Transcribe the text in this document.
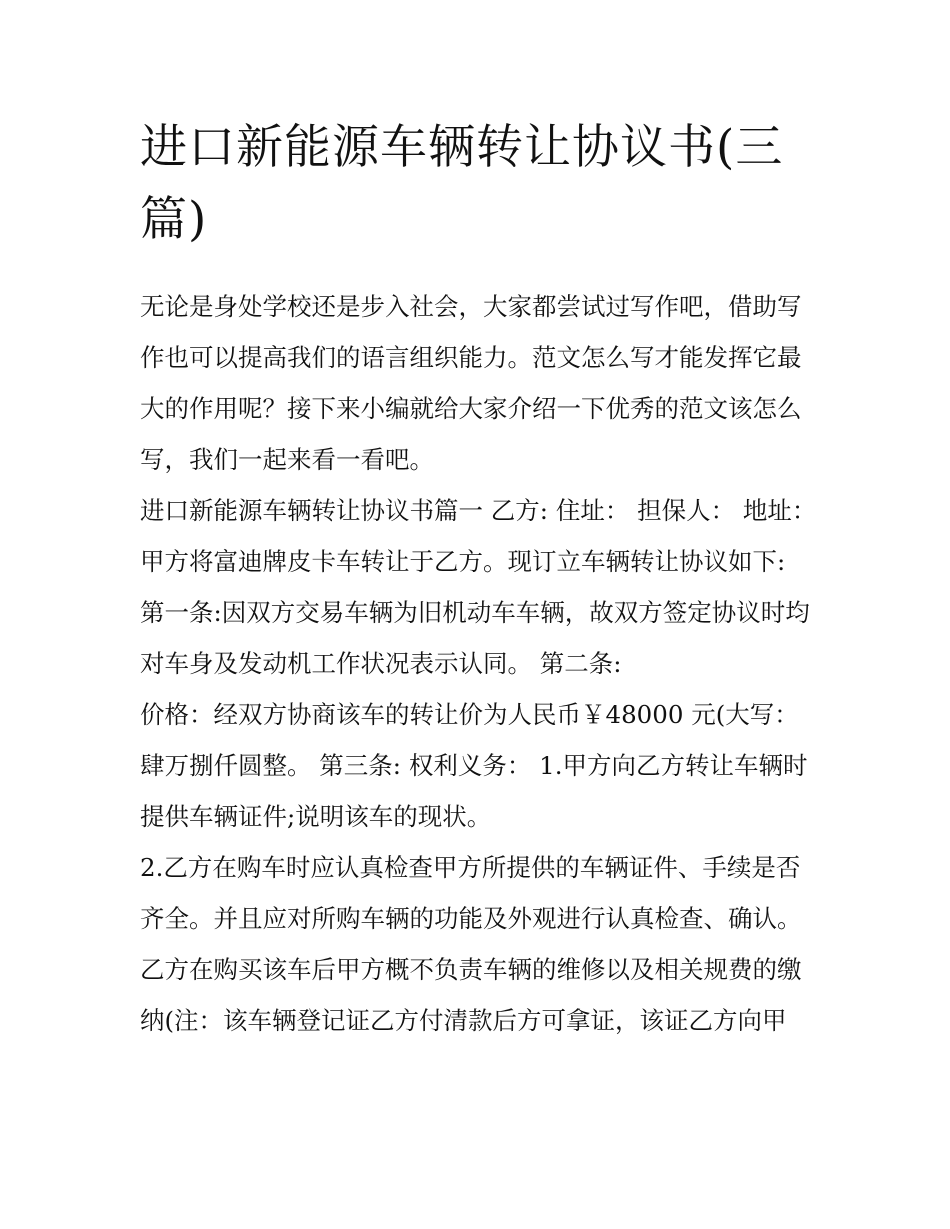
进口新能源车辆转让协议书(三篇)

无论是身处学校还是步入社会，大家都尝试过写作吧，借助写作也可以提高我们的语言组织能力。范文怎么写才能发挥它最大的作用呢？接下来小编就给大家介绍一下优秀的范文该怎么写，我们一起来看一看吧。

进口新能源车辆转让协议书篇一 乙方: 住址： 担保人： 地址： 甲方将富迪牌皮卡车转让于乙方。现订立车辆转让协议如下:

第一条:因双方交易车辆为旧机动车车辆，故双方签定协议时均对车身及发动机工作状况表示认同。 第二条:

价格：经双方协商该车的转让价为人民币￥48000 元(大写：肆万捌仟圆整。 第三条: 权利义务： 1.甲方向乙方转让车辆时提供车辆证件;说明该车的现状。

2.乙方在购车时应认真检查甲方所提供的车辆证件、手续是否齐全。并且应对所购车辆的功能及外观进行认真检查、确认。乙方在购买该车后甲方概不负责车辆的维修以及相关规费的缴纳(注：该车辆登记证乙方付清款后方可拿证，该证乙方向甲
